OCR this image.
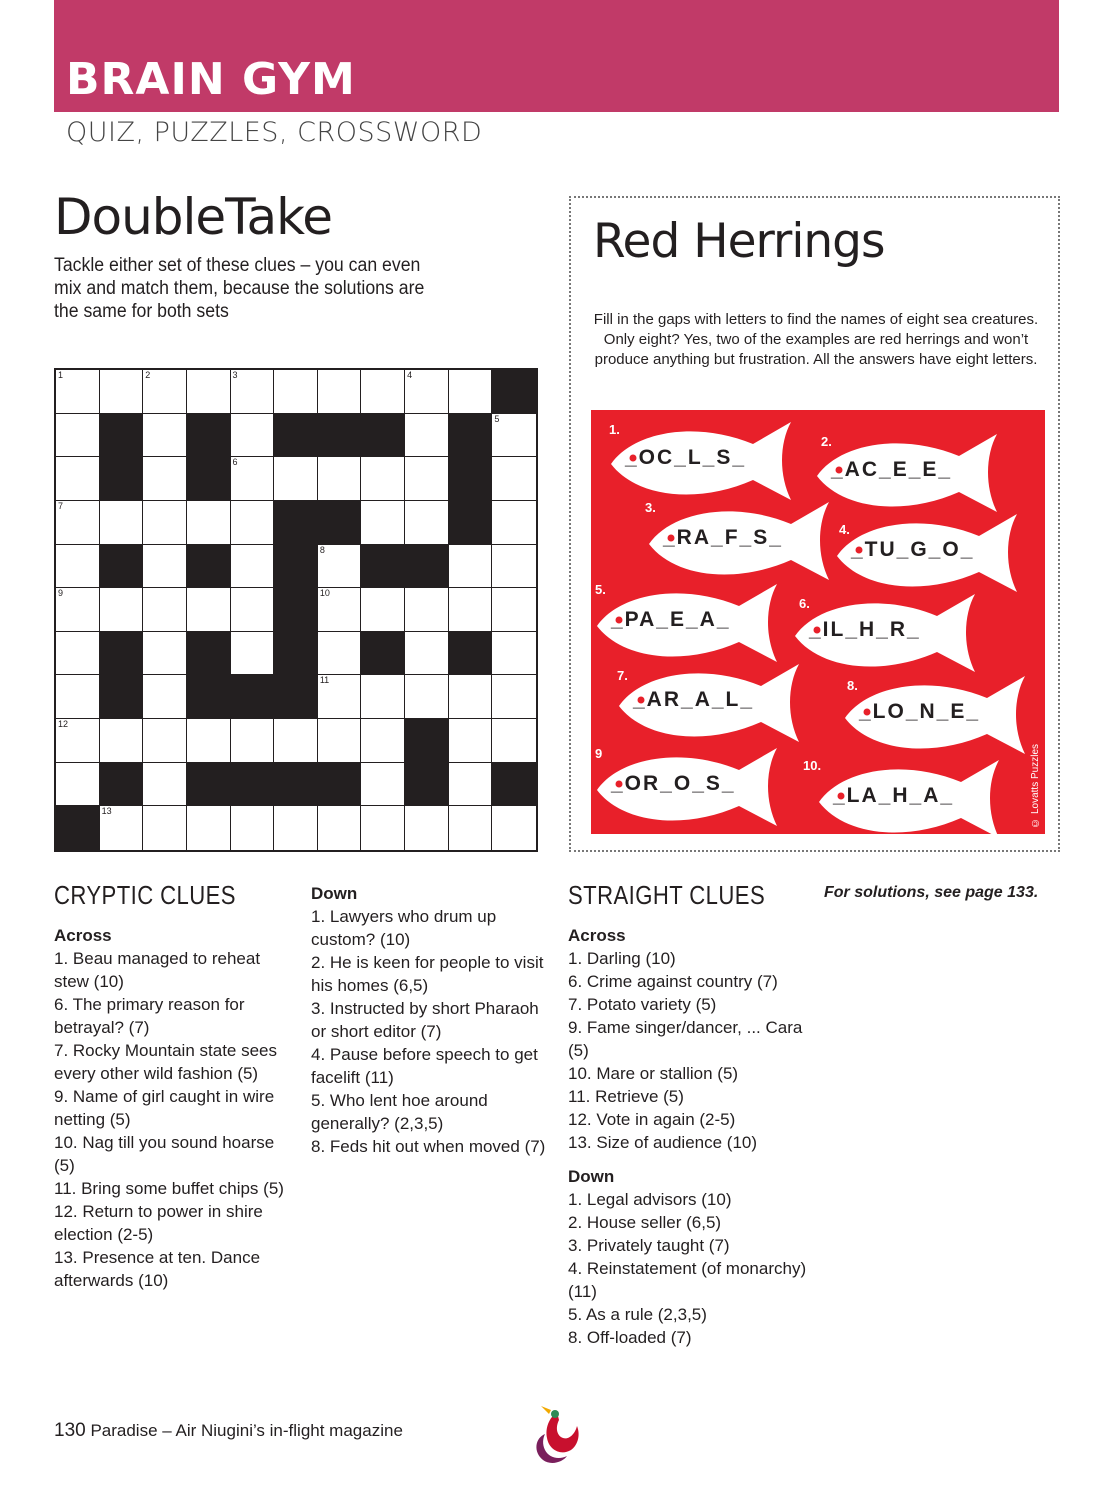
BRAIN GYM
QUIZ, PUZZLES, CROSSWORD
DoubleTake
Tackle either set of these clues – you can even mix and match them, because the solutions are the same for both sets
1	2	3	4
5
6
7
8
9	10
11
12
13
Red Herrings
Fill in the gaps with letters to find the names of eight sea creatures. Only eight? Yes, two of the examples are red herrings and won’t produce anything but frustration. All the answers have eight letters.
© Lovatts Puzzles
_OC_L_S_
1.
_AC_E_E_
2.
_RA_F_S_
3.
_TU_G_O_
4.
_PA_E_A_
5.
_IL_H_R_
6.
_AR_A_L_
7.
_LO_N_E_
8.
_OR_O_S_
9
_LA_H_A_
10.
CRYPTIC CLUES
Across
1. Beau managed to reheat stew (10)
6. The primary reason for betrayal? (7)
7. Rocky Mountain state sees every other wild fashion (5)
9. Name of girl caught in wire netting (5)
10. Nag till you sound hoarse (5)
11. Bring some buffet chips (5)
12. Return to power in shire election (2-5)
13. Presence at ten. Dance afterwards (10)
Down
1. Lawyers who drum up custom? (10)
2. He is keen for people to visit his homes (6,5)
3. Instructed by short Pharaoh or short editor (7)
4. Pause before speech to get facelift (11)
5. Who lent hoe around generally? (2,3,5)
8. Feds hit out when moved (7)
STRAIGHT CLUES	For solutions, see page 133.
Across
1. Darling (10)
6. Crime against country (7)
7. Potato variety (5)
9. Fame singer/dancer, ... Cara (5)
10. Mare or stallion (5)
11. Retrieve (5)
12. Vote in again (2-5)
13. Size of audience (10)
Down
1. Legal advisors (10)
2. House seller (6,5)
3. Privately taught (7)
4. Reinstatement (of monarchy) (11)
5. As a rule (2,3,5)
8. Off-loaded (7)
130 Paradise – Air Niugini’s in-flight magazine
